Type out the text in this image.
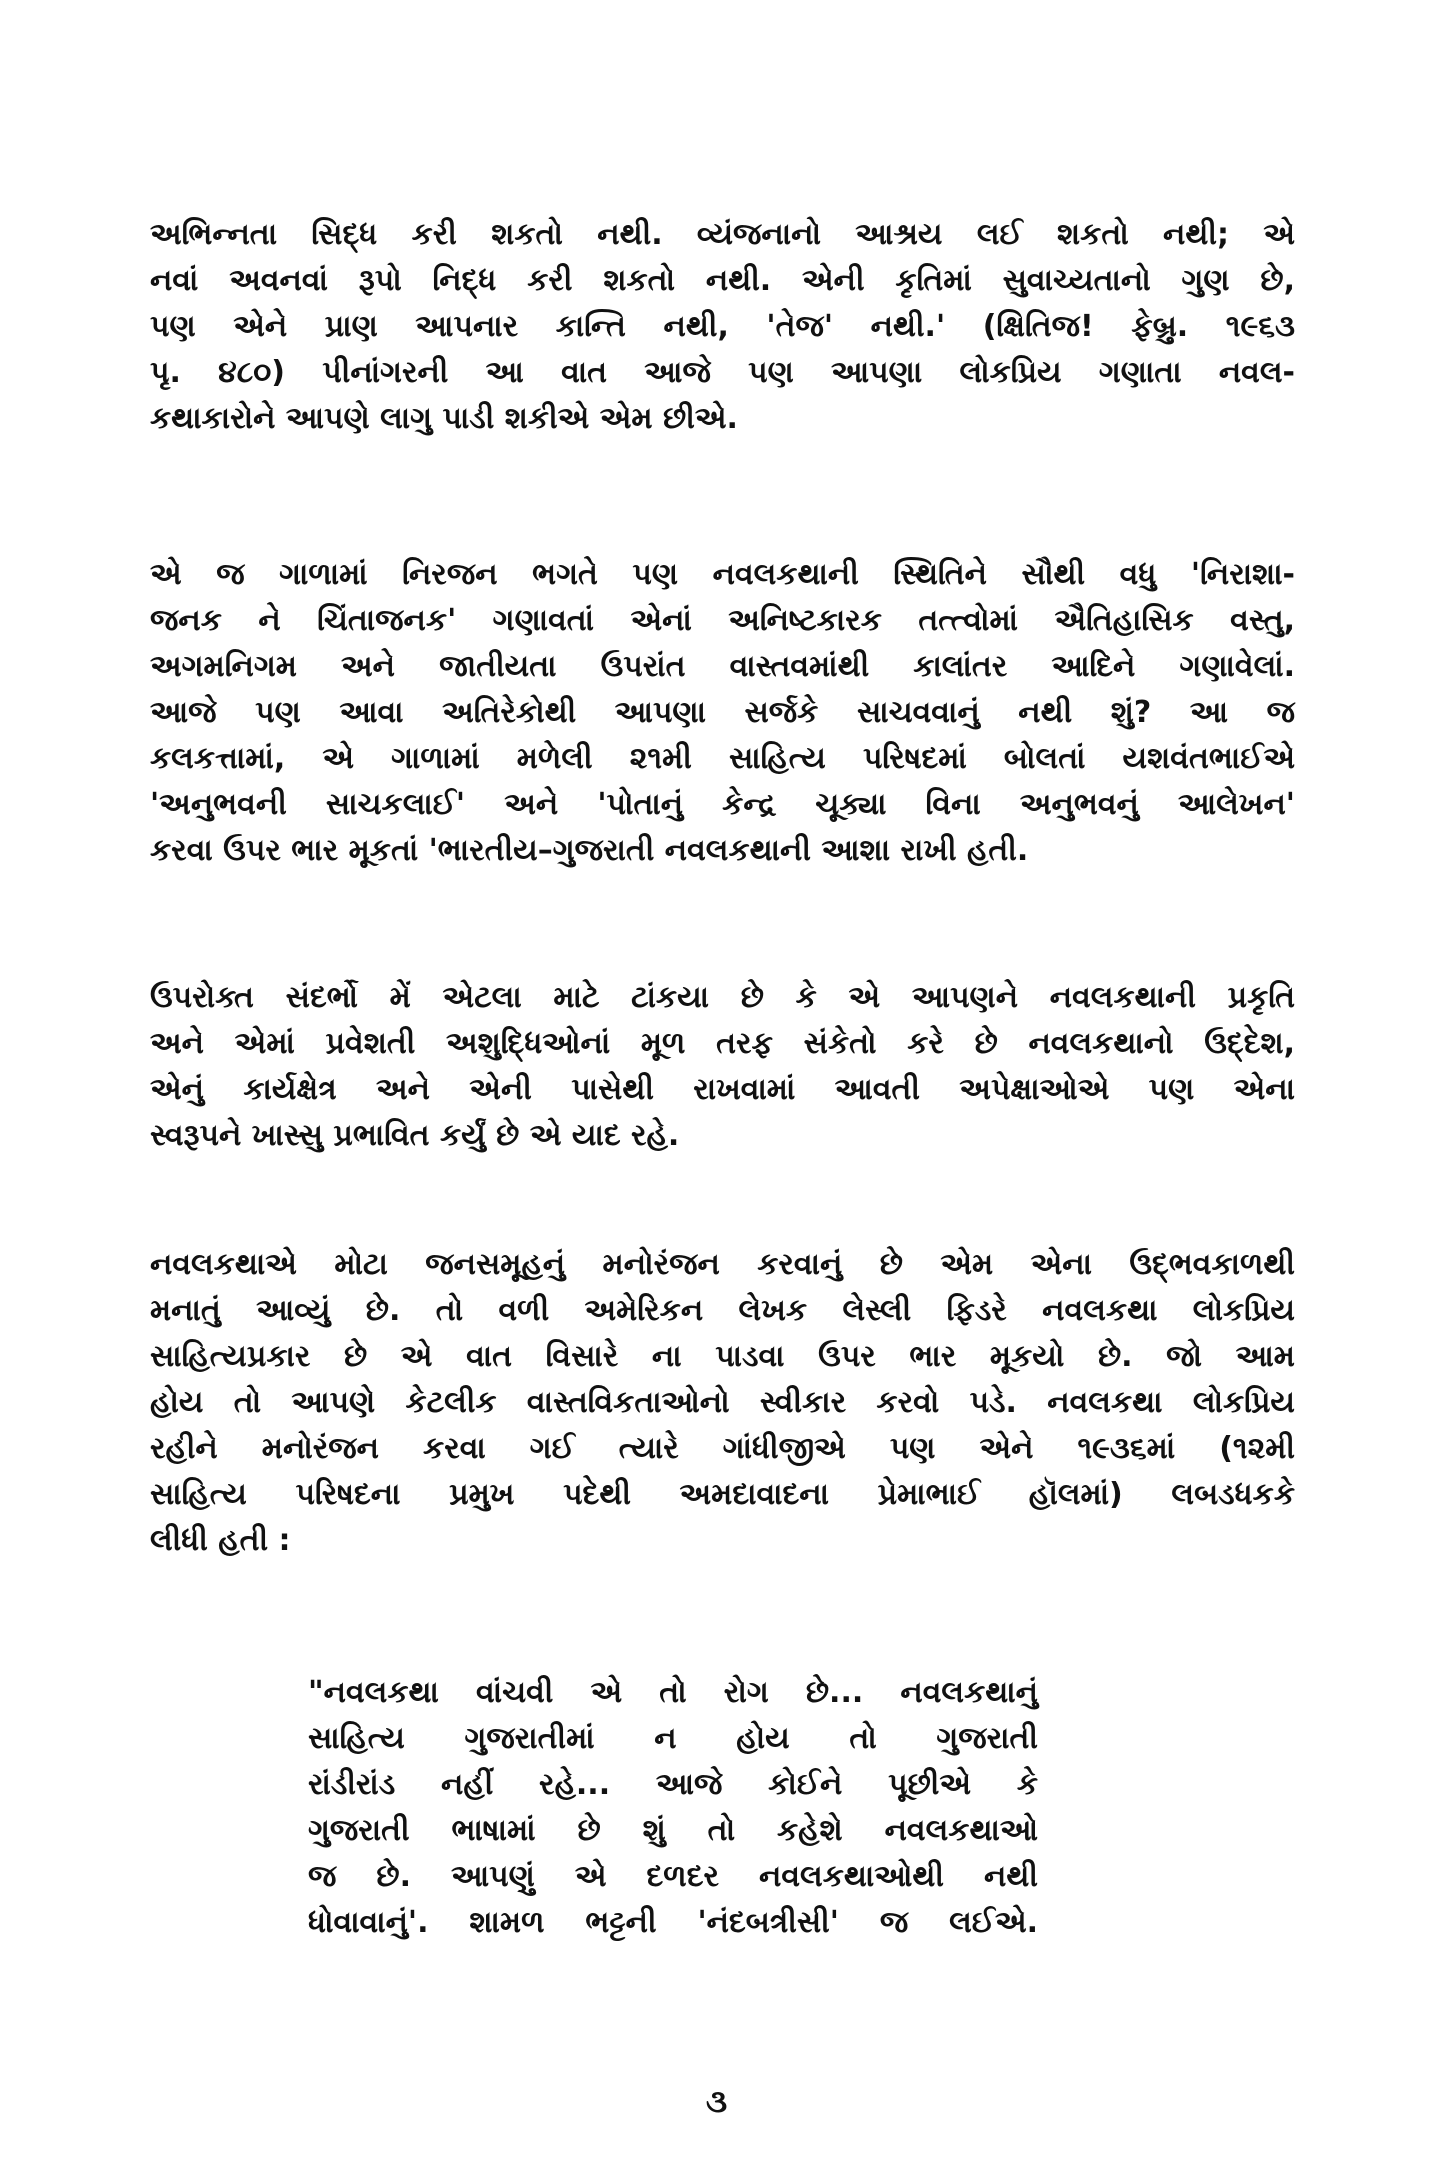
અભિન્નતા સિદ્ધ કરી શકતો નથી. વ્યંજનાનો આશ્રય લઈ શકતો નથી; એ
નવાં અવનવાં રૂપો નિદ્ધ કરી શકતો નથી. એની કૃતિમાં સુવાચ્યતાનો ગુણ છે,
પણ એને પ્રાણ આપનાર કાન્તિ નથી, 'તેજ' નથી.' (ક્ષિતિજ! ફેબ્રુ. ૧૯૬૩
પૃ. ૪૮૦) પીનાંગરની આ વાત આજે પણ આપણા લોકપ્રિય ગણાતા નવલ-
કથાકારોને આપણે લાગુ પાડી શકીએ એમ છીએ.
એ જ ગાળામાં નિરજન ભગતે પણ નવલકથાની સ્થિતિને સૌથી વધુ 'નિરાશા-
જનક ને ચિંતાજનક' ગણાવતાં એનાં અનિષ્ટકારક તત્ત્વોમાં ઐતિહાસિક વસ્તુ,
અગમનિગમ અને જાતીયતા ઉપરાંત વાસ્તવમાંથી કાલાંતર આદિને ગણાવેલાં.
આજે પણ આવા અતિરેકોથી આપણા સર્જકે સાચવવાનું નથી શું? આ જ
કલકત્તામાં, એ ગાળામાં મળેલી ૨૧મી સાહિત્ય પરિષદમાં બોલતાં યશવંતભાઈએ
'અનુભવની સાચકલાઈ' અને 'પોતાનું કેન્દ્ર ચૂક્યા વિના અનુભવનું આલેખન'
કરવા ઉપર ભાર મૂકતાં 'ભારતીય–ગુજરાતી નવલકથાની આશા રાખી હતી.
ઉપરોક્ત સંદર્ભો મેં એટલા માટે ટાંકયા છે કે એ આપણને નવલકથાની પ્રકૃતિ
અને એમાં પ્રવેશતી અશુદ્ધિઓનાં મૂળ તરફ સંકેતો કરે છે નવલકથાનો ઉદ્દેશ,
એનું કાર્યક્ષેત્ર અને એની પાસેથી રાખવામાં આવતી અપેક્ષાઓએ પણ એના
સ્વરૂપને ખાસ્સુ પ્રભાવિત કર્યું છે એ યાદ રહે.
નવલકથાએ મોટા જનસમૂહનું મનોરંજન કરવાનું છે એમ એના ઉદ્‌ભવકાળથી
મનાતું આવ્યું છે. તો વળી અમેરિકન લેખક લેસ્લી ફિડરે નવલકથા લોકપ્રિય
સાહિત્યપ્રકાર છે એ વાત વિસારે ના પાડવા ઉપર ભાર મૂકયો છે. જો આમ
હોય તો આપણે કેટલીક વાસ્તવિકતાઓનો સ્વીકાર કરવો પડે. નવલકથા લોકપ્રિય
રહીને મનોરંજન કરવા ગઈ ત્યારે ગાંધીજીએ પણ એને ૧૯૩૬માં (૧૨મી
સાહિત્ય પરિષદના પ્રમુખ પદેથી અમદાવાદના પ્રેમાભાઈ હૉલમાં) લબડધકકે
લીધી હતી :
"નવલકથા વાંચવી એ તો રોગ છે... નવલકથાનું
સાહિત્ય ગુજરાતીમાં ન હોય તો ગુજરાતી
રાંડીરાંડ નહીં રહે... આજે કોઈને પૂછીએ કે
ગુજરાતી ભાષામાં છે શું તો કહેશે નવલકથાઓ
જ છે. આપણું એ દળદર નવલકથાઓથી નથી
ધોવાવાનું'. શામળ ભટ્ટની 'નંદબત્રીસી' જ લઈએ.
૩
